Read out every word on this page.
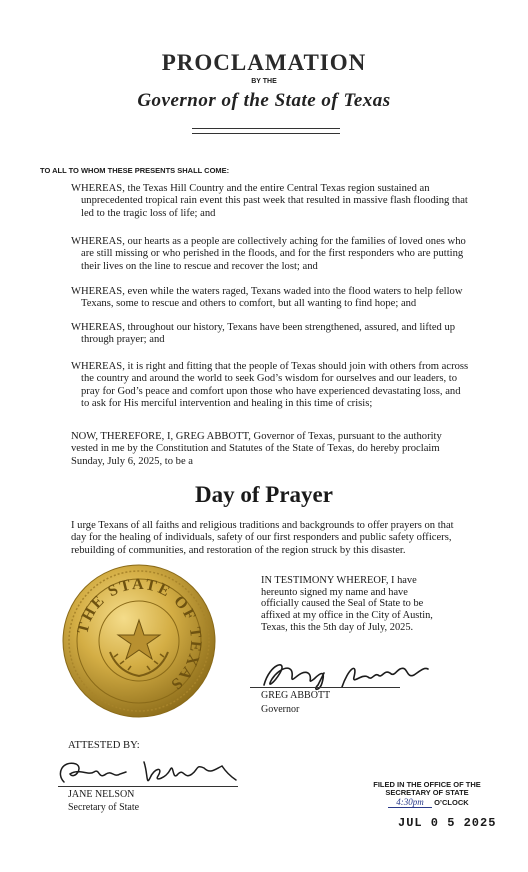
PROCLAMATION
BY THE
Governor of the State of Texas
TO ALL TO WHOM THESE PRESENTS SHALL COME:
WHEREAS, the Texas Hill Country and the entire Central Texas region sustained an unprecedented tropical rain event this past week that resulted in massive flash flooding that led to the tragic loss of life; and
WHEREAS, our hearts as a people are collectively aching for the families of loved ones who are still missing or who perished in the floods, and for the first responders who are putting their lives on the line to rescue and recover the lost; and
WHEREAS, even while the waters raged, Texans waded into the flood waters to help fellow Texans, some to rescue and others to comfort, but all wanting to find hope; and
WHEREAS, throughout our history, Texans have been strengthened, assured, and lifted up through prayer; and
WHEREAS, it is right and fitting that the people of Texas should join with others from across the country and around the world to seek God’s wisdom for ourselves and our leaders, to pray for God’s peace and comfort upon those who have experienced devastating loss, and to ask for His merciful intervention and healing in this time of crisis;
NOW, THEREFORE, I, GREG ABBOTT, Governor of Texas, pursuant to the authority vested in me by the Constitution and Statutes of the State of Texas, do hereby proclaim Sunday, July 6, 2025, to be a
Day of Prayer
I urge Texans of all faiths and religious traditions and backgrounds to offer prayers on that day for the healing of individuals, safety of our first responders and public safety officers, rebuilding of communities, and restoration of the region struck by this disaster.
THE STATE OF TEXAS
IN TESTIMONY WHEREOF, I have hereunto signed my name and have officially caused the Seal of State to be affixed at my office in the City of Austin, Texas, this the 5th day of July, 2025.
GREG ABBOTT
Governor
ATTESTED BY:
JANE NELSON
Secretary of State
FILED IN THE OFFICE OF THE
SECRETARY OF STATE
4:30pm O’CLOCK
JUL 0 5 2025
